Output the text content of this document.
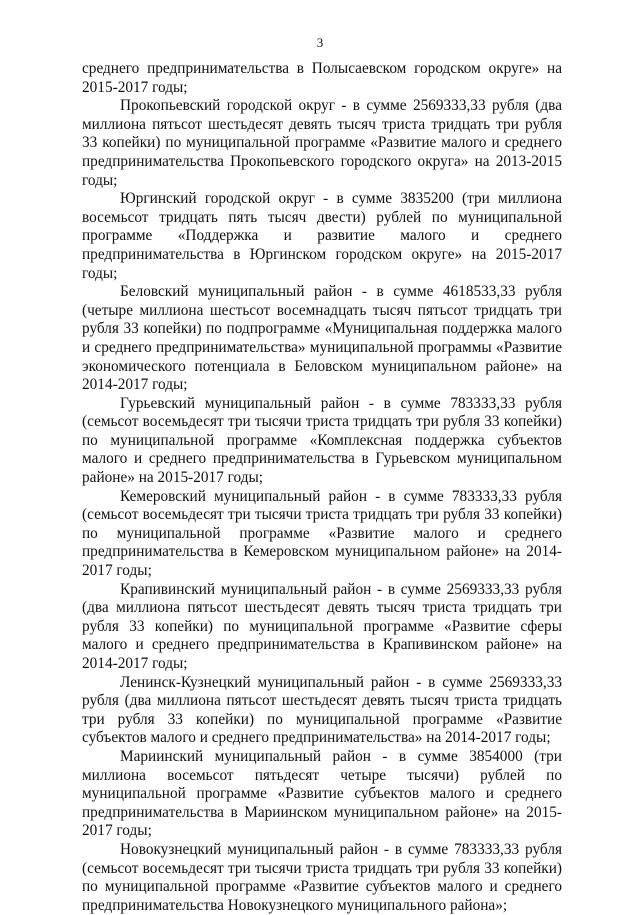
3

среднего предпринимательства в Полысаевском городском округе» на 2015-2017 годы;

Прокопьевский городской округ - в сумме 2569333,33 рубля (два миллиона пятьсот шестьдесят девять тысяч триста тридцать три рубля 33 копейки) по муниципальной программе «Развитие малого и среднего предпринимательства Прокопьевского городского округа» на 2013-2015 годы;

Юргинский городской округ - в сумме 3835200 (три миллиона восемьсот тридцать пять тысяч двести) рублей по муниципальной программе «Поддержка и развитие малого и среднего предпринимательства в Юргинском городском округе» на 2015-2017 годы;

Беловский муниципальный район - в сумме 4618533,33 рубля (четыре миллиона шестьсот восемнадцать тысяч пятьсот тридцать три рубля 33 копейки) по подпрограмме «Муниципальная поддержка малого и среднего предпринимательства» муниципальной программы «Развитие экономического потенциала в Беловском муниципальном районе» на 2014-2017 годы;

Гурьевский муниципальный район - в сумме 783333,33 рубля (семьсот восемьдесят три тысячи триста тридцать три рубля 33 копейки) по муниципальной программе «Комплексная поддержка субъектов малого и среднего предпринимательства в Гурьевском муниципальном районе» на 2015-2017 годы;

Кемеровский муниципальный район - в сумме 783333,33 рубля (семьсот восемьдесят три тысячи триста тридцать три рубля 33 копейки) по муниципальной программе «Развитие малого и среднего предпринимательства в Кемеровском муниципальном районе» на 2014-2017 годы;

Крапивинский муниципальный район - в сумме 2569333,33 рубля (два миллиона пятьсот шестьдесят девять тысяч триста тридцать три рубля 33 копейки) по муниципальной программе «Развитие сферы малого и среднего предпринимательства в Крапивинском районе» на 2014-2017 годы;

Ленинск-Кузнецкий муниципальный район - в сумме 2569333,33 рубля (два миллиона пятьсот шестьдесят девять тысяч триста тридцать три рубля 33 копейки) по муниципальной программе «Развитие субъектов малого и среднего предпринимательства» на 2014-2017 годы;

Мариинский муниципальный район - в сумме 3854000 (три миллиона восемьсот пятьдесят четыре тысячи) рублей по муниципальной программе «Развитие субъектов малого и среднего предпринимательства в Мариинском муниципальном районе» на 2015-2017 годы;

Новокузнецкий муниципальный район - в сумме 783333,33 рубля (семьсот восемьдесят три тысячи триста тридцать три рубля 33 копейки) по муниципальной программе «Развитие субъектов малого и среднего предпринимательства Новокузнецкого муниципального района»;
